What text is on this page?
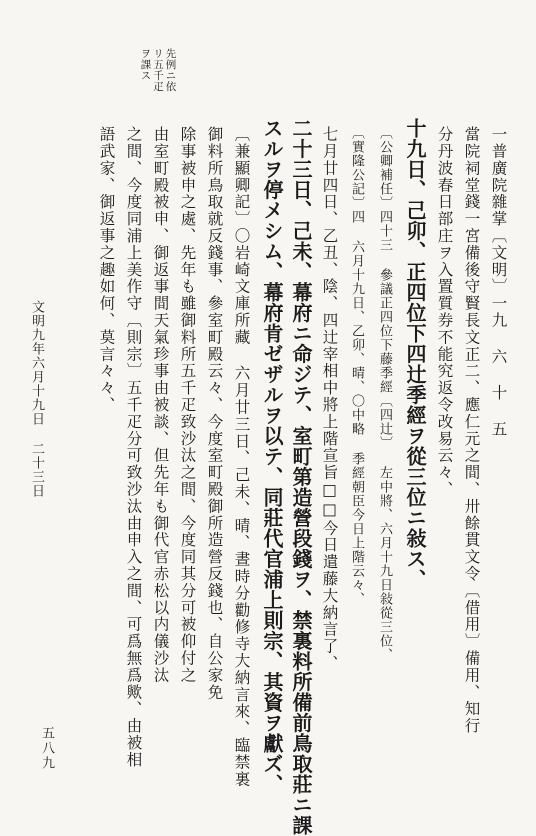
先例ニ依
リ五千疋
ヲ課ス
一普廣院雜掌〔文明〕一九 六 十 五
當院祠堂錢一宮備後守賢長文正二、應仁元之間、卅餘貫文令〔借用〕備用、知行
分丹波春日部庄ヲ入置質券不能究返令改易云々、
十九日、己卯、正四位下四辻季經ヲ從三位ニ敍ス、
〔公卿補任〕四十三 參議正四位下藤季經〔四辻〕 左中將、六月十九日敍從三位、
〔實隆公記〕四 六月十九日、乙卯、晴、〇中略 季經朝臣今日上階云々、
七月廿四日、乙丑、陰、四辻宰相中將上階宣旨□□今日遣藤大納言了、
二十三日、己未、幕府ニ命ジテ、室町第造營段錢ヲ、禁裏料所備前鳥取莊ニ課
スルヲ停メシム、幕府肯ゼザルヲ以テ、同莊代官浦上則宗、其資ヲ獻ズ、
〔兼顯卿記〕〇岩崎文庫所藏 六月廿三日、己未、晴、晝時分勸修寺大納言來、臨禁裏
御料所鳥取就反錢事、參室町殿云々、今度室町殿御所造營反錢也、自公家免
除事被申之處、先年も雖御料所五千疋致沙汰之間、今度同其分可被仰付之
由室町殿被申、御返事間天氣珍事由被談、但先年も御代官赤松以内儀沙汰
之間、今度同浦上美作守〔則宗〕五千疋分可致沙汰由申入之間、可爲無爲歟、由被相
語武家、御返事之趣如何、莫言々々、
文明九年六月十九日 二十三日
五八九
